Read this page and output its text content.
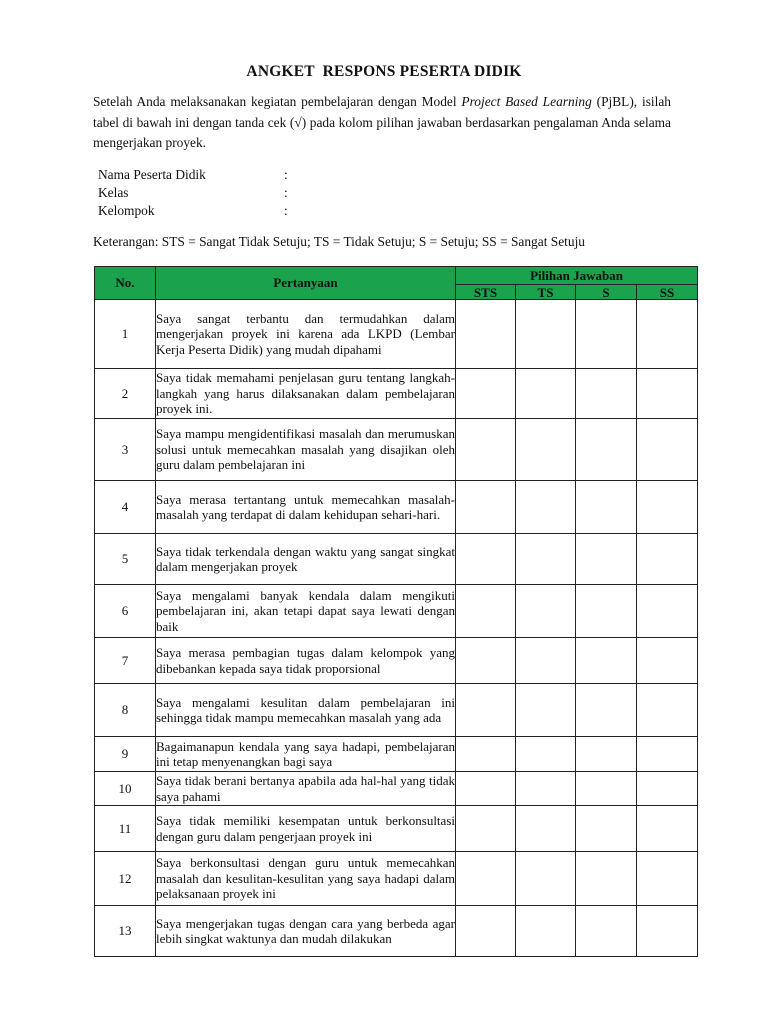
ANGKET  RESPONS PESERTA DIDIK
Setelah Anda melaksanakan kegiatan pembelajaran dengan Model Project Based Learning (PjBL), isilah tabel di bawah ini dengan tanda cek (√) pada kolom pilihan jawaban berdasarkan pengalaman Anda selama mengerjakan proyek.
Nama Peserta Didik	:
Kelas	:
Kelompok	:
Keterangan: STS = Sangat Tidak Setuju; TS = Tidak Setuju; S = Setuju; SS = Sangat Setuju
No.	Pertanyaan	Pilihan Jawaban			
		STS	TS	S	SS
1	Saya sangat terbantu dan termudahkan dalam mengerjakan proyek ini karena ada LKPD (Lembar Kerja Peserta Didik) yang mudah dipahami				
2	Saya tidak memahami penjelasan guru tentang langkah-langkah yang harus dilaksanakan dalam pembelajaran proyek ini.				
3	Saya mampu mengidentifikasi masalah dan merumuskan solusi untuk memecahkan masalah yang disajikan oleh guru dalam pembelajaran ini				
4	Saya merasa tertantang untuk memecahkan masalah-masalah yang terdapat di dalam kehidupan sehari-hari.				
5	Saya tidak terkendala dengan waktu yang sangat singkat dalam mengerjakan proyek				
6	Saya mengalami banyak kendala dalam mengikuti pembelajaran ini, akan tetapi dapat saya lewati dengan baik				
7	Saya merasa pembagian tugas dalam kelompok yang dibebankan kepada saya tidak proporsional				
8	Saya mengalami kesulitan dalam pembelajaran ini sehingga tidak mampu memecahkan masalah yang ada				
9	Bagaimanapun kendala yang saya hadapi, pembelajaran ini tetap menyenangkan bagi saya				
10	Saya tidak berani bertanya apabila ada hal-hal yang tidak saya pahami				
11	Saya tidak memiliki kesempatan untuk berkonsultasi dengan guru dalam pengerjaan proyek ini				
12	Saya berkonsultasi dengan guru untuk memecahkan masalah dan kesulitan-kesulitan yang saya hadapi dalam pelaksanaan proyek ini				
13	Saya mengerjakan tugas dengan cara yang berbeda agar lebih singkat waktunya dan mudah dilakukan				
